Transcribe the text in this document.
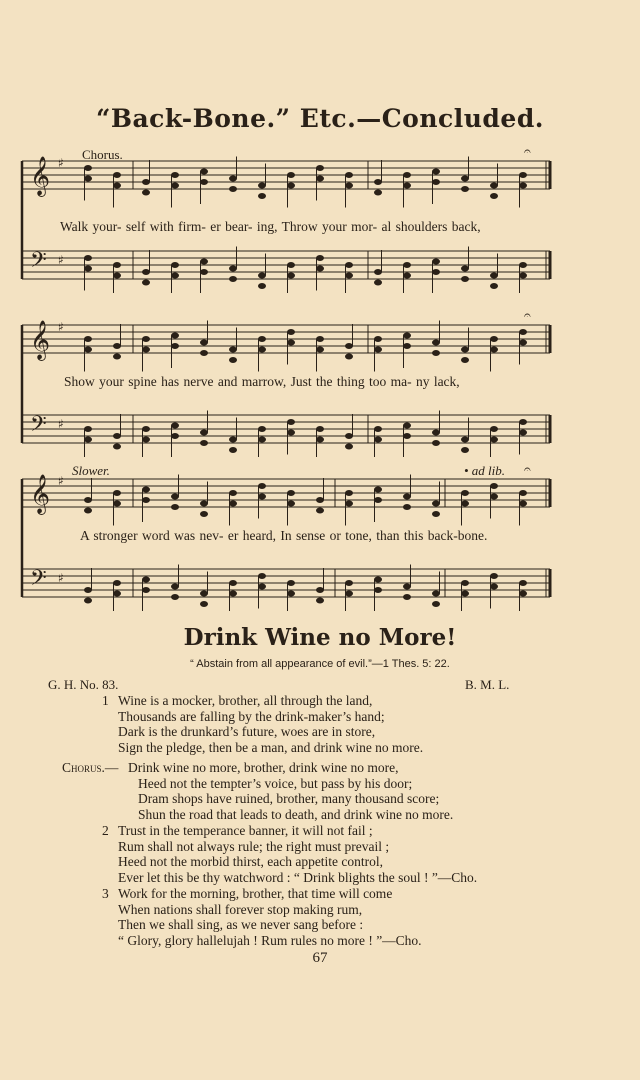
“Back-Bone.” Etc.—Concluded.
𝄞 ♯
𝄢 ♯
𝄐
Chorus.
Walk your- self with firm- er bear- ing, Throw your mor- al shoulders back,
𝄞 ♯
𝄢 ♯
𝄐
Show your spine has nerve and marrow, Just the thing too ma- ny lack,
𝄞 ♯
𝄢 ♯
𝄐
Slower.	• ad lib.
A stronger word was nev- er heard, In sense or tone, than this back-bone.
Drink Wine no More!
“ Abstain from all appearance of evil.”—1 Thes. 5: 22.
G. H. No. 83.	B. M. L.
1 Wine is a mocker, brother, all through the land,
Thousands are falling by the drink-maker’s hand;
Dark is the drunkard’s future, woes are in store,
Sign the pledge, then be a man, and drink wine no more.
Chorus.— Drink wine no more, brother, drink wine no more,
Heed not the tempter’s voice, but pass by his door;
Dram shops have ruined, brother, many thousand score;
Shun the road that leads to death, and drink wine no more.
2 Trust in the temperance banner, it will not fail ;
Rum shall not always rule; the right must prevail ;
Heed not the morbid thirst, each appetite control,
Ever let this be thy watchword : “ Drink blights the soul ! ”—Cho.
3 Work for the morning, brother, that time will come
When nations shall forever stop making rum,
Then we shall sing, as we never sang before :
“ Glory, glory hallelujah ! Rum rules no more ! ”—Cho.
67
